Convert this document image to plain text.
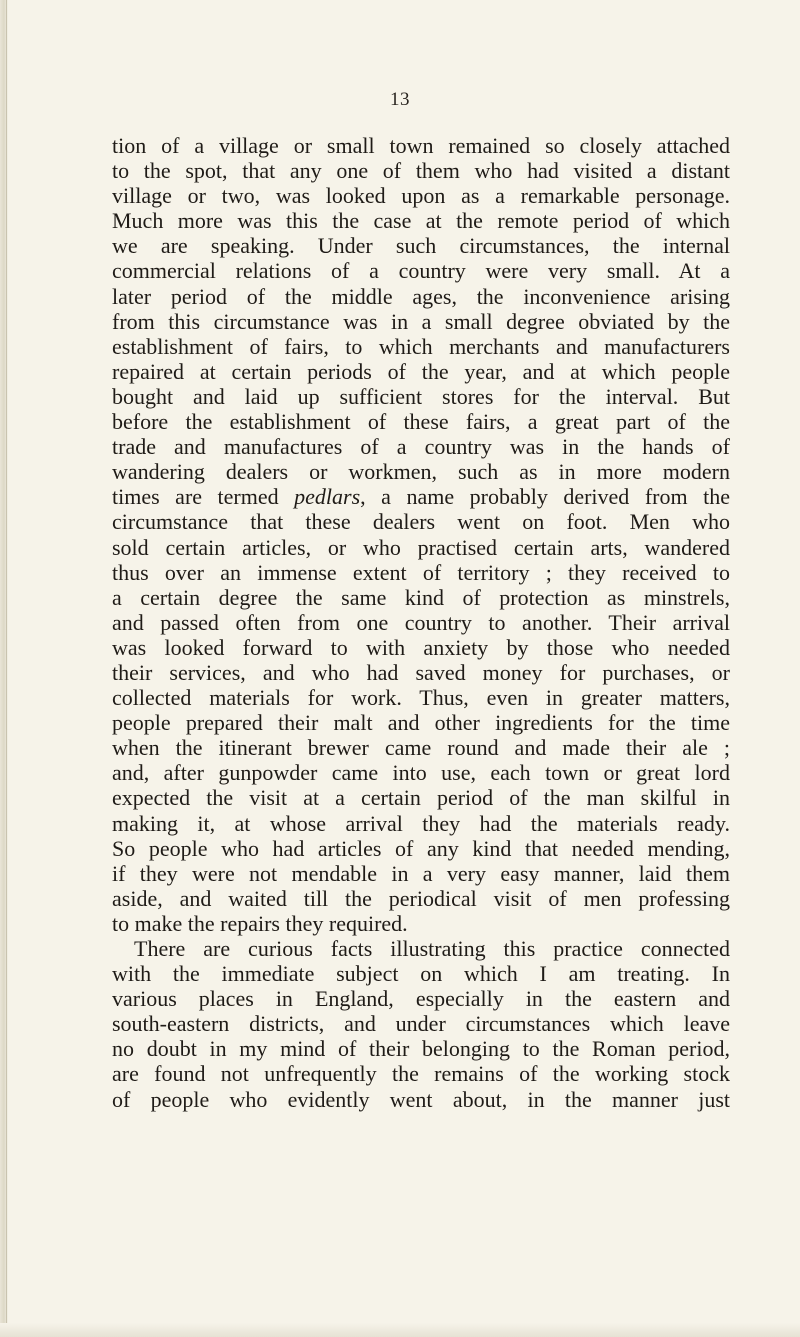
13
tion of a village or small town remained so closely attached
to the spot, that any one of them who had visited a distant
village or two, was looked upon as a remarkable personage.
Much more was this the case at the remote period of which
we are speaking. Under such circumstances, the internal
commercial relations of a country were very small. At a
later period of the middle ages, the inconvenience arising
from this circumstance was in a small degree obviated by the
establishment of fairs, to which merchants and manufacturers
repaired at certain periods of the year, and at which people
bought and laid up sufficient stores for the interval. But
before the establishment of these fairs, a great part of the
trade and manufactures of a country was in the hands of
wandering dealers or workmen, such as in more modern
times are termed pedlars, a name probably derived from the
circumstance that these dealers went on foot. Men who
sold certain articles, or who practised certain arts, wandered
thus over an immense extent of territory ; they received to
a certain degree the same kind of protection as minstrels,
and passed often from one country to another. Their arrival
was looked forward to with anxiety by those who needed
their services, and who had saved money for purchases, or
collected materials for work. Thus, even in greater matters,
people prepared their malt and other ingredients for the time
when the itinerant brewer came round and made their ale ;
and, after gunpowder came into use, each town or great lord
expected the visit at a certain period of the man skilful in
making it, at whose arrival they had the materials ready.
So people who had articles of any kind that needed mending,
if they were not mendable in a very easy manner, laid them
aside, and waited till the periodical visit of men professing
to make the repairs they required.
There are curious facts illustrating this practice connected
with the immediate subject on which I am treating. In
various places in England, especially in the eastern and
south-eastern districts, and under circumstances which leave
no doubt in my mind of their belonging to the Roman period,
are found not unfrequently the remains of the working stock
of people who evidently went about, in the manner just
